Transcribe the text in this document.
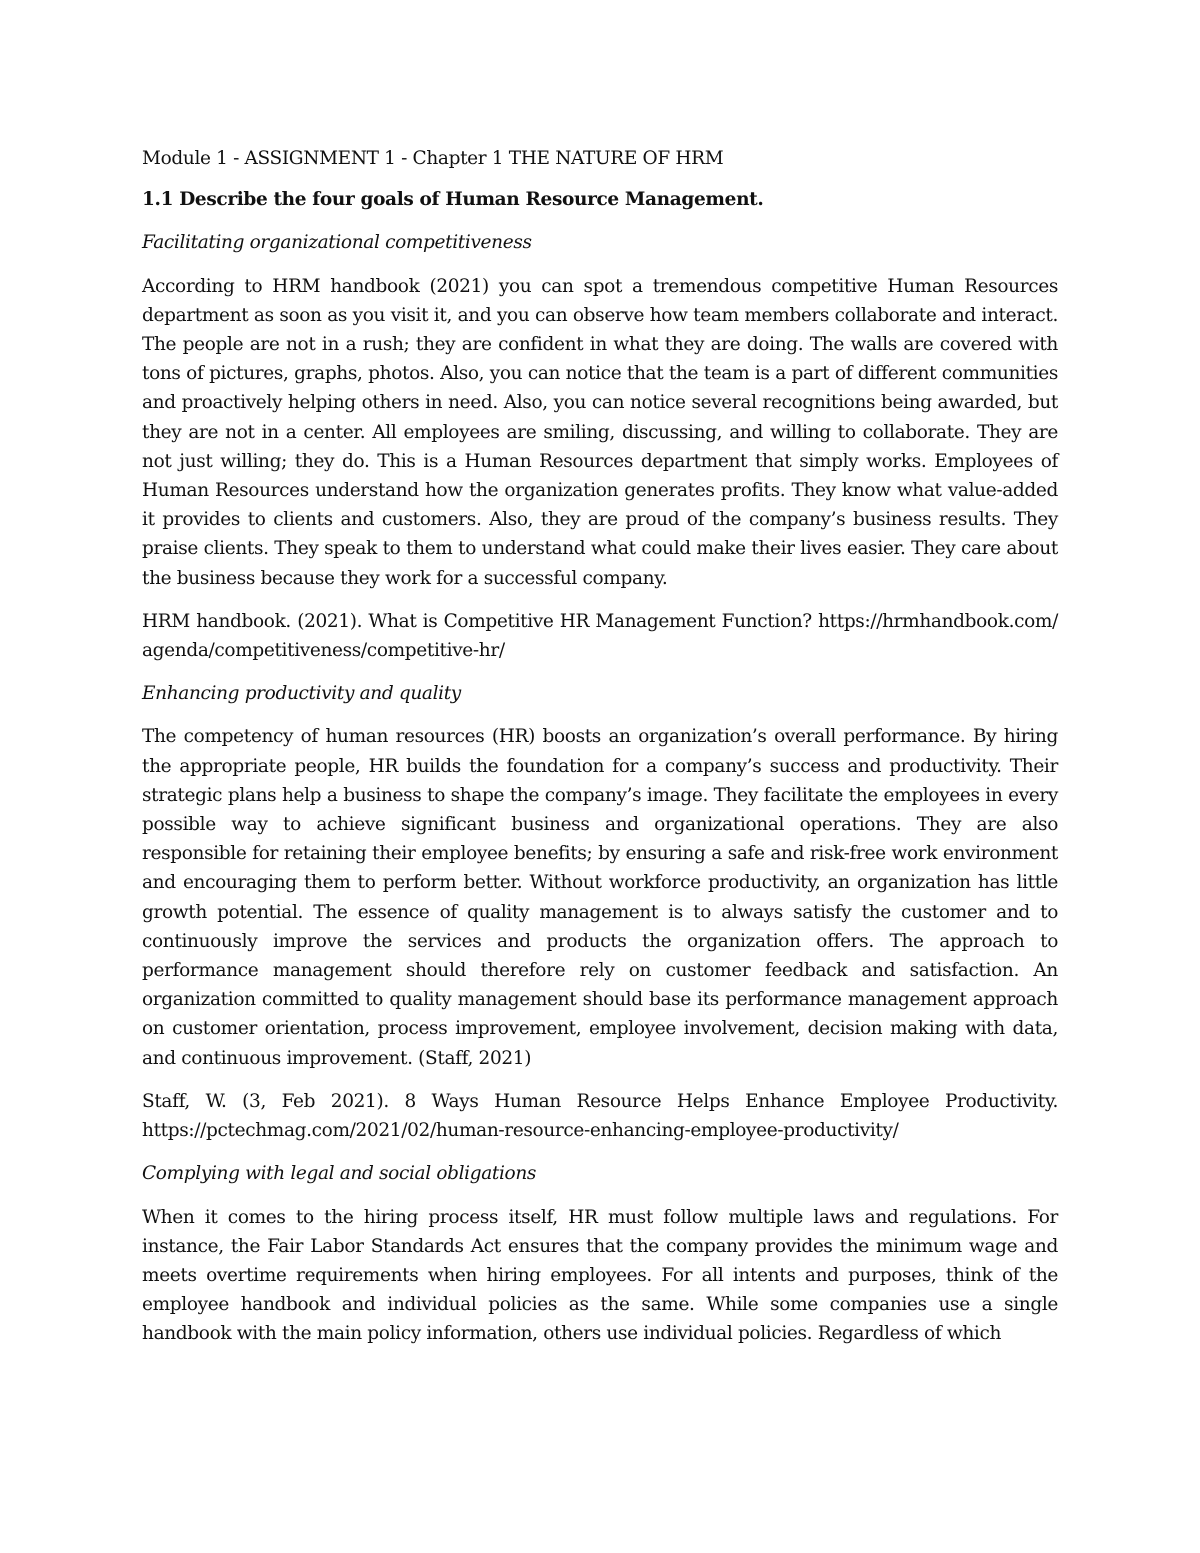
Module 1 - ASSIGNMENT 1 - Chapter 1 THE NATURE OF HRM

1.1 Describe the four goals of Human Resource Management.

Facilitating organizational competitiveness

According to HRM handbook (2021) you can spot a tremendous competitive Human Resources department as soon as you visit it, and you can observe how team members collaborate and interact. The people are not in a rush; they are confident in what they are doing. The walls are covered with tons of pictures, graphs, photos. Also, you can notice that the team is a part of different communities and proactively helping others in need. Also, you can notice several recognitions being awarded, but they are not in a center. All employees are smiling, discussing, and willing to collaborate. They are not just willing; they do. This is a Human Resources department that simply works. Employees of Human Resources understand how the organization generates profits. They know what value-added it provides to clients and customers. Also, they are proud of the company’s business results. They praise clients. They speak to them to understand what could make their lives easier. They care about the business because they work for a successful company.

HRM handbook. (2021). What is Competitive HR Management Function? https://hrmhandbook.com/agenda/competitiveness/competitive-hr/

Enhancing productivity and quality

The competency of human resources (HR) boosts an organization’s overall performance. By hiring the appropriate people, HR builds the foundation for a company’s success and productivity. Their strategic plans help a business to shape the company’s image. They facilitate the employees in every possible way to achieve significant business and organizational operations. They are also responsible for retaining their employee benefits; by ensuring a safe and risk-free work environment and encouraging them to perform better. Without workforce productivity, an organization has little growth potential. The essence of quality management is to always satisfy the customer and to continuously improve the services and products the organization offers. The approach to performance management should therefore rely on customer feedback and satisfaction. An organization committed to quality management should base its performance management approach on customer orientation, process improvement, employee involvement, decision making with data, and continuous improvement. (Staff, 2021)

Staff, W. (3, Feb 2021). 8 Ways Human Resource Helps Enhance Employee Productivity. https://pctechmag.com/2021/02/human-resource-enhancing-employee-productivity/

Complying with legal and social obligations

When it comes to the hiring process itself, HR must follow multiple laws and regulations. For instance, the Fair Labor Standards Act ensures that the company provides the minimum wage and meets overtime requirements when hiring employees. For all intents and purposes, think of the employee handbook and individual policies as the same. While some companies use a single handbook with the main policy information, others use individual policies. Regardless of which
